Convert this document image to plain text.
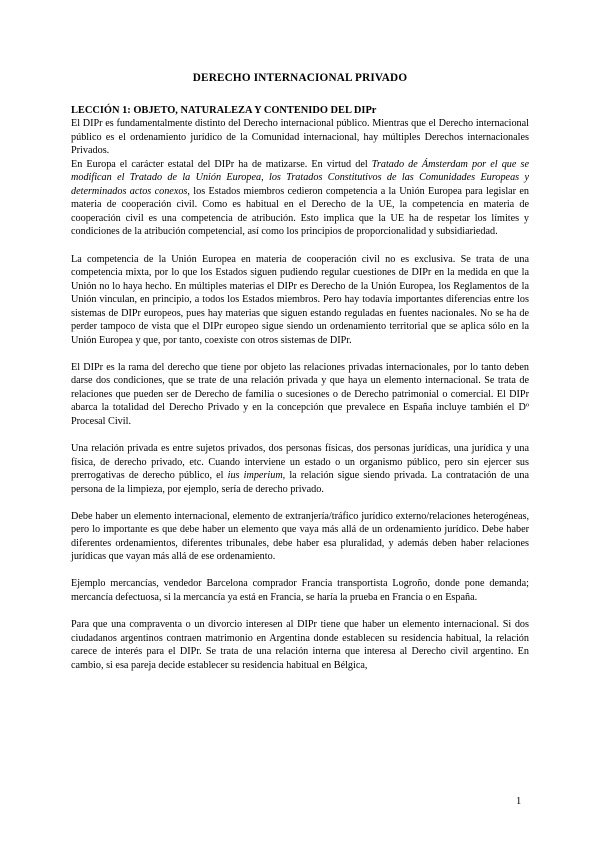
DERECHO INTERNACIONAL PRIVADO
LECCIÓN 1: OBJETO, NATURALEZA Y CONTENIDO DEL DIPr

El DIPr es fundamentalmente distinto del Derecho internacional público. Mientras que el Derecho internacional público es el ordenamiento jurídico de la Comunidad internacional, hay múltiples Derechos internacionales Privados.

En Europa el carácter estatal del DIPr ha de matizarse. En virtud del Tratado de Ámsterdam por el que se modifican el Tratado de la Unión Europea, los Tratados Constitutivos de las Comunidades Europeas y determinados actos conexos, los Estados miembros cedieron competencia a la Unión Europea para legislar en materia de cooperación civil. Como es habitual en el Derecho de la UE, la competencia en materia de cooperación civil es una competencia de atribución. Esto implica que la UE ha de respetar los límites y condiciones de la atribución competencial, así como los principios de proporcionalidad y subsidiariedad.

La competencia de la Unión Europea en materia de cooperación civil no es exclusiva. Se trata de una competencia mixta, por lo que los Estados siguen pudiendo regular cuestiones de DIPr en la medida en que la Unión no lo haya hecho. En múltiples materias el DIPr es Derecho de la Unión Europea, los Reglamentos de la Unión vinculan, en principio, a todos los Estados miembros. Pero hay todavía importantes diferencias entre los sistemas de DIPr europeos, pues hay materias que siguen estando reguladas en fuentes nacionales. No se ha de perder tampoco de vista que el DIPr europeo sigue siendo un ordenamiento territorial que se aplica sólo en la Unión Europea y que, por tanto, coexiste con otros sistemas de DIPr.

El DIPr es la rama del derecho que tiene por objeto las relaciones privadas internacionales, por lo tanto deben darse dos condiciones, que se trate de una relación privada y que haya un elemento internacional. Se trata de relaciones que pueden ser de Derecho de familia o sucesiones o de Derecho patrimonial o comercial. El DIPr abarca la totalidad del Derecho Privado y en la concepción que prevalece en España incluye también el Dº Procesal Civil.

Una relación privada es entre sujetos privados, dos personas físicas, dos personas jurídicas, una jurídica y una física, de derecho privado, etc. Cuando interviene un estado o un organismo público, pero sin ejercer sus prerrogativas de derecho público, el ius imperium, la relación sigue siendo privada. La contratación de una persona de la limpieza, por ejemplo, sería de derecho privado.

Debe haber un elemento internacional, elemento de extranjería/tráfico jurídico externo/relaciones heterogéneas, pero lo importante es que debe haber un elemento que vaya más allá de un ordenamiento jurídico. Debe haber diferentes ordenamientos, diferentes tribunales, debe haber esa pluralidad, y además deben haber relaciones jurídicas que vayan más allá de ese ordenamiento.

Ejemplo mercancías, vendedor Barcelona comprador Francia transportista Logroño, donde pone demanda; mercancía defectuosa, si la mercancía ya está en Francia, se haría la prueba en Francia o en España.

Para que una compraventa o un divorcio interesen al DIPr tiene que haber un elemento internacional. Si dos ciudadanos argentinos contraen matrimonio en Argentina donde establecen su residencia habitual, la relación carece de interés para el DIPr. Se trata de una relación interna que interesa al Derecho civil argentino. En cambio, si esa pareja decide establecer su residencia habitual en Bélgica,

1
